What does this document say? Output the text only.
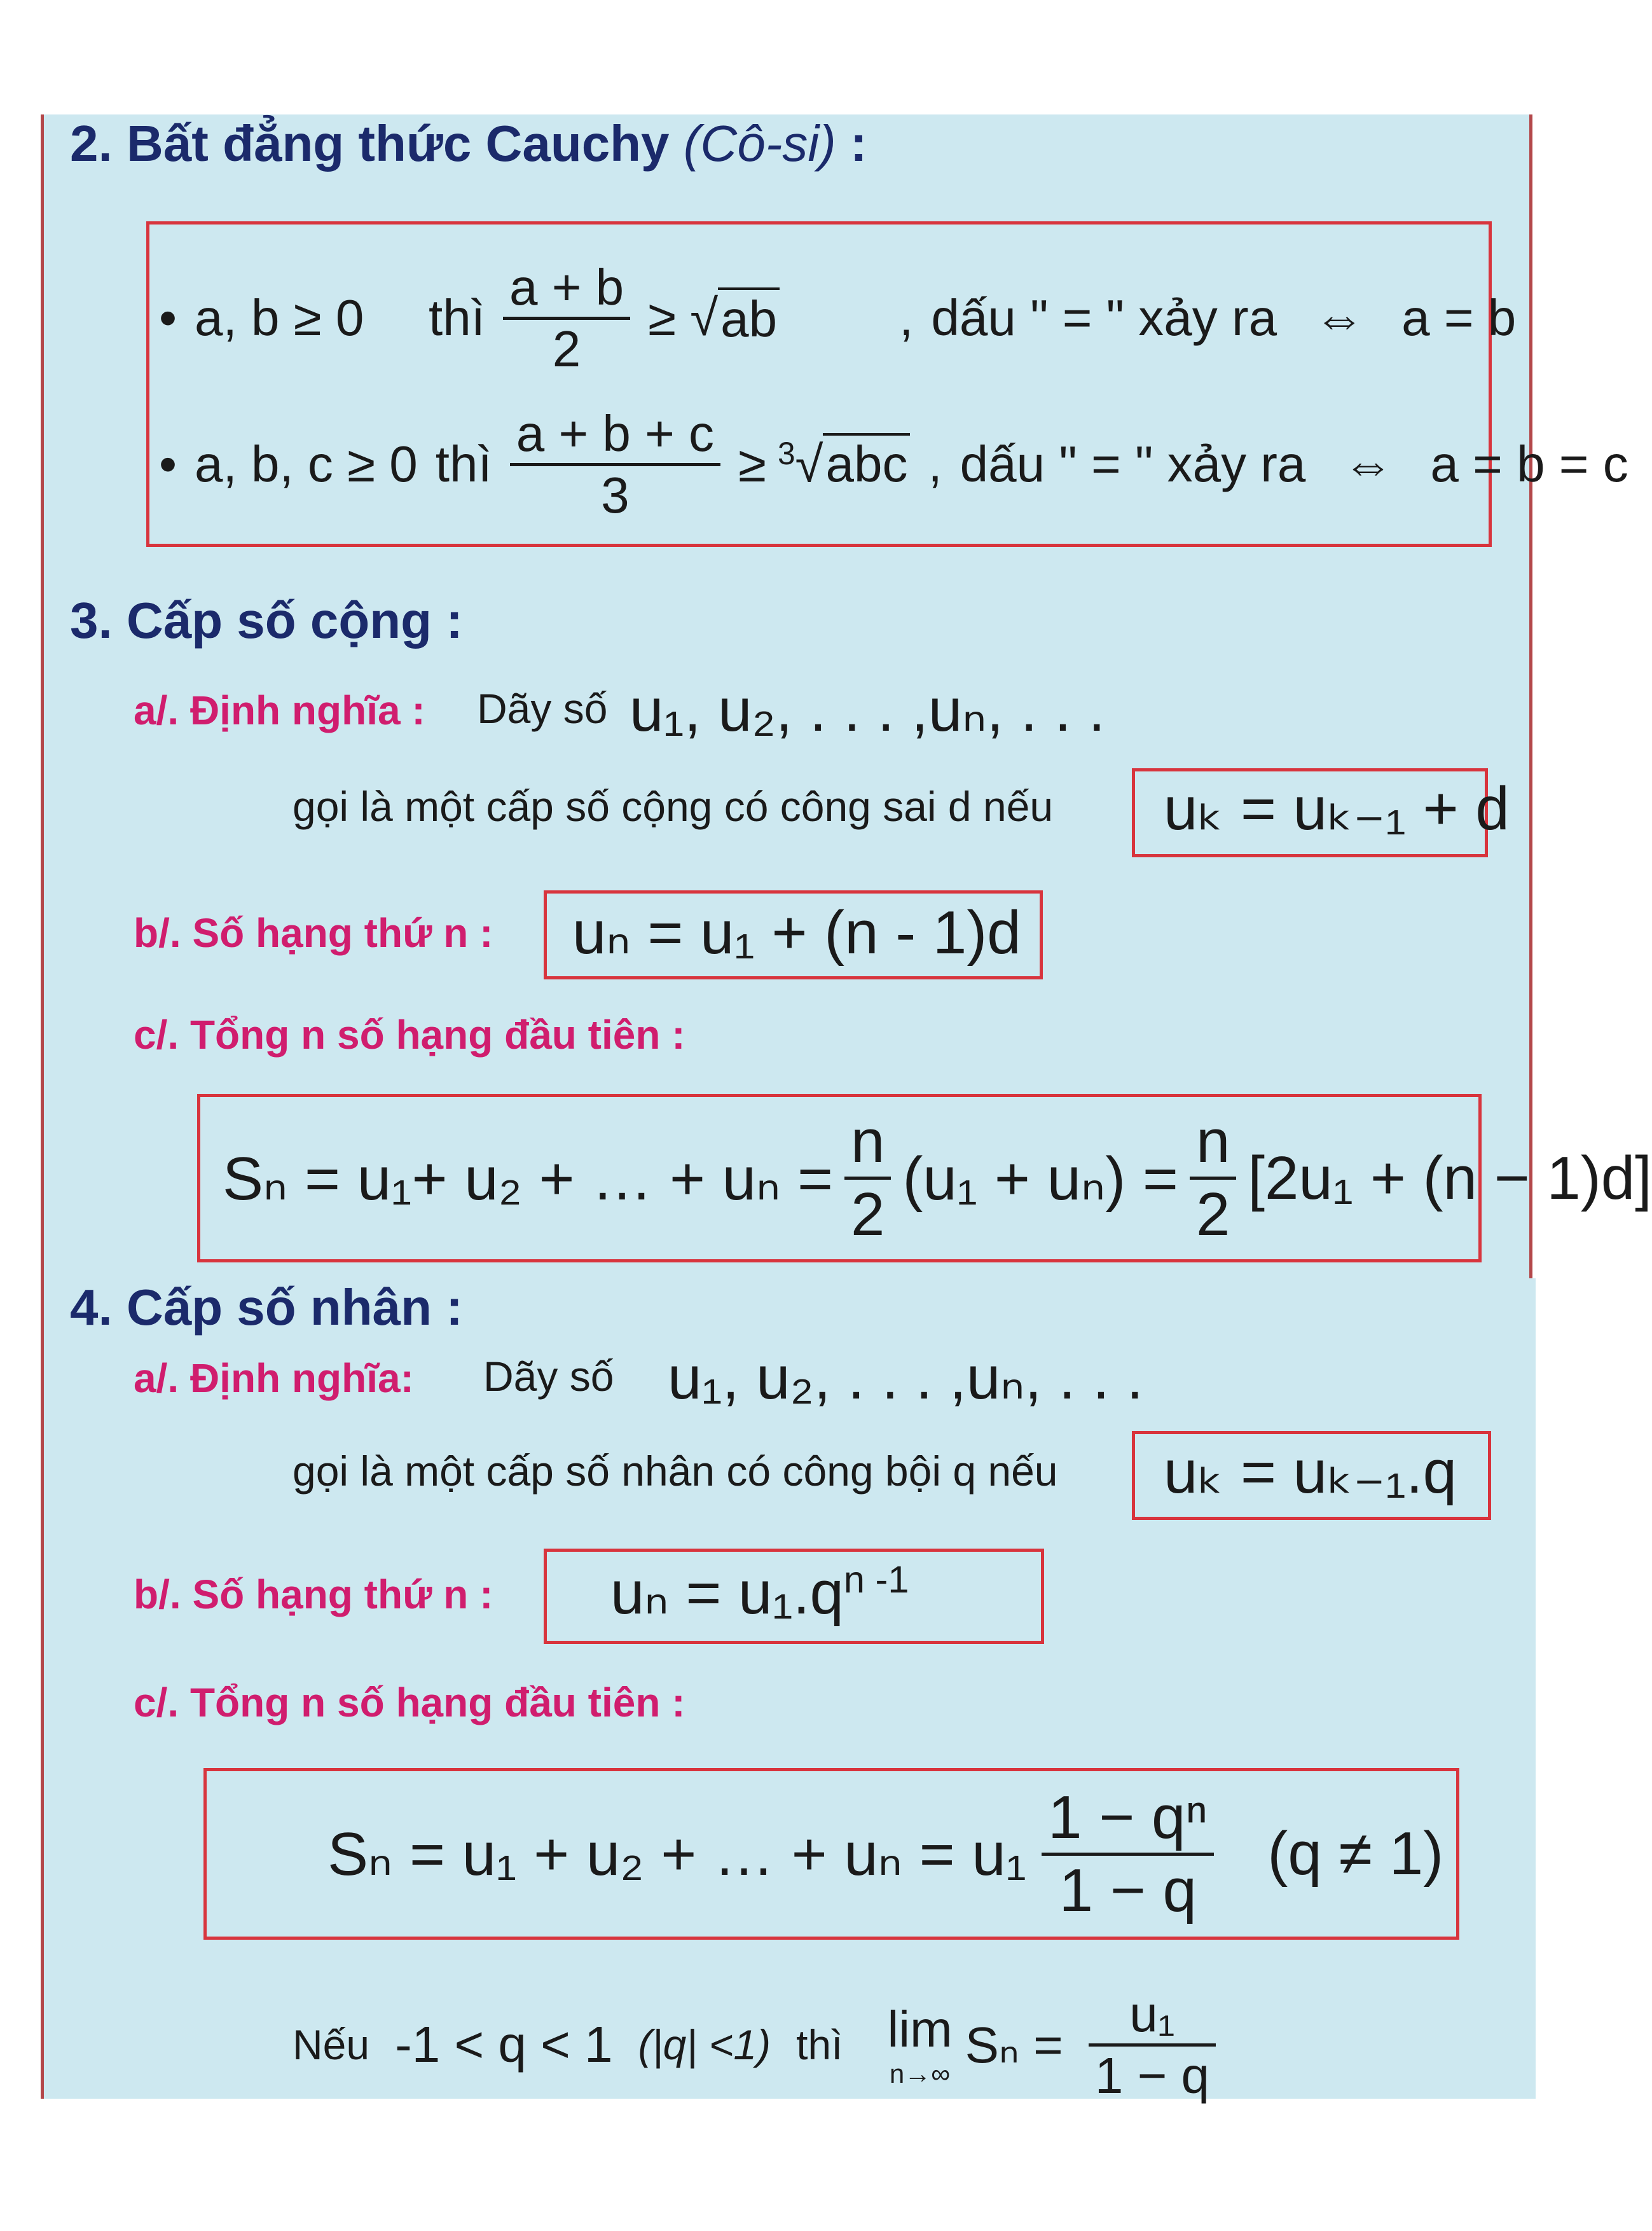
2. Bất đẳng thức Cauchy (Cô-si) :
• a, b ≥ 0 thì $\frac{a + b}{2}$ ≥ √ ab , dấu " = " xảy ra ⇔ a = b
• a, b, c ≥ 0 thì $\frac{a + b + c}{3} \ge ^3√abc$ , dấu " = " xảy ra ⇔ a = b = c
3. Cấp số cộng :
a/. Định nghĩa : Dãy số u₁, u₂, . . . ,uₙ, . . .
gọi là một cấp số cộng có công sai d nếu uₖ = uₖ₋₁ + d
b/. Số hạng thứ n : uₙ = u₁ + (n - 1)d
c/. Tổng n số hạng đầu tiên :
Sₙ = u₁+ u₂ + … + $u_n = \frac{n}{2} (u_1 + u_n) = \frac{n}{2} [2u_1 + (n - 1)d]$
4. Cấp số nhân :
a/. Định nghĩa: Dãy số u₁, u₂, . . . ,uₙ, . . .
gọi là một cấp số nhân có công bội q nếu uₖ = uₖ₋₁.q
b/. Số hạng thứ n : $u_n = u_1.q^{n -1}$
c/. Tổng n số hạng đầu tiên :
Sₙ = u₁ + u₂ + … + $u_n = u_1 \frac{\text{1 − qⁿ}}{1 - q} (q \ne 1)$
Nếu -1 < q < 1 (|q| <1) thì lim
n→∞
$S_n = \frac{\text{u₁}}{1 - q}$
